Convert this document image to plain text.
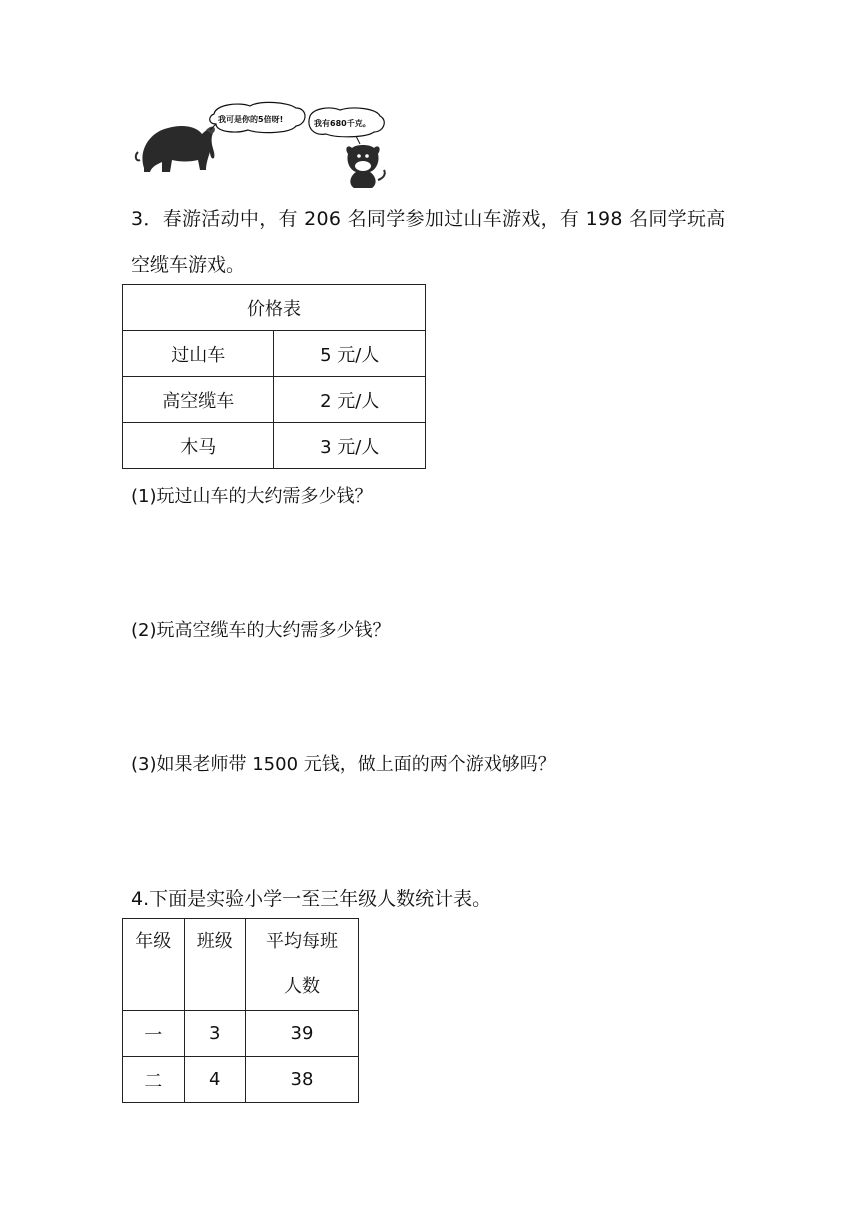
我可是你的5倍呀!	我有680千克。
3．春游活动中，有 206 名同学参加过山车游戏，有 198 名同学玩高
空缆车游戏。
价格表	
过山车	5 元/人
高空缆车	2 元/人
木马	3 元/人
(1)玩过山车的大约需多少钱？
(2)玩高空缆车的大约需多少钱？
(3)如果老师带 1500 元钱，做上面的两个游戏够吗？
4.下面是实验小学一至三年级人数统计表。
年级	班级	平均每班
人数
一	3	39
二	4	38
